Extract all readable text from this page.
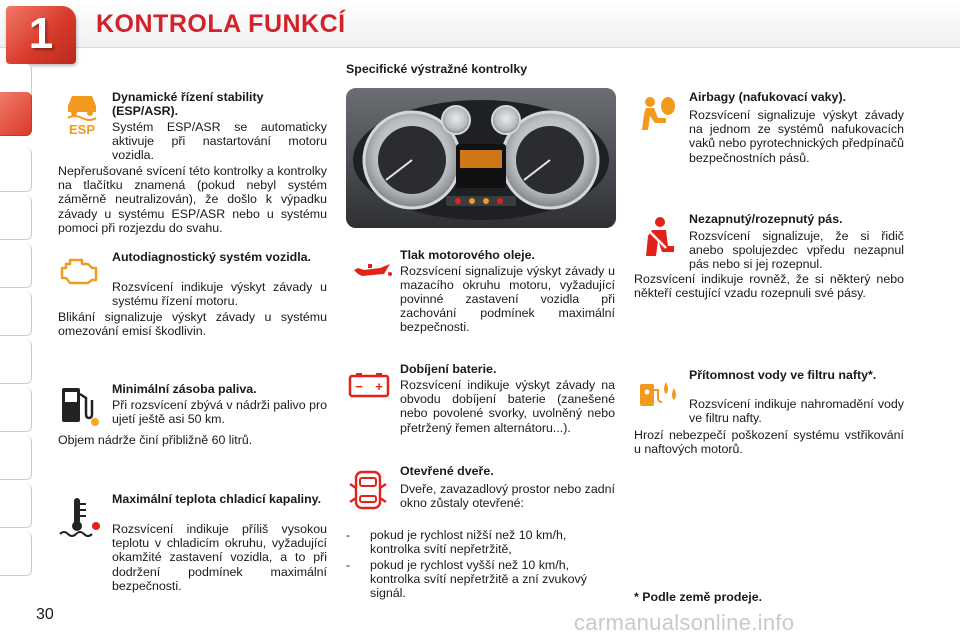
1	KONTROLA FUNKCÍ
ESP
Dynamické řízení stability (ESP/ASR).
Systém ESP/ASR se automaticky aktivuje při nastartování motoru vozidla.
Nepřerušované svícení této kontrolky a kontrolky na tlačítku znamená (pokud nebyl systém záměrně neutralizován), že došlo k výpadku závady u systému ESP/ASR nebo u systému pomoci při rozjezdu do svahu.
Autodiagnostický systém vozidla.
Rozsvícení indikuje výskyt závady u systému řízení motoru.
Blikání signalizuje výskyt závady u systému omezování emisí škodlivin.
Minimální zásoba paliva.
Při rozsvícení zbývá v nádrži palivo pro ujetí ještě asi 50 km.
Objem nádrže činí přibližně 60 litrů.
Maximální teplota chladicí kapaliny.
Rozsvícení indikuje příliš vysokou teplotu v chladicím okruhu, vyžadující okamžité zastavení vozidla, a to při dodržení podmínek maximální bezpečnosti.
Specifické výstražné kontrolky
Tlak motorového oleje.
Rozsvícení signalizuje výskyt závady u mazacího okruhu motoru, vyžadující povinné zastavení vozidla při zachování podmínek maximální bezpečnosti.
− +
Dobíjení baterie.
Rozsvícení indikuje výskyt závady na obvodu dobíjení baterie (zanešené nebo povolené svorky, uvolněný nebo přetržený řemen alternátoru...).
Otevřené dveře.
Dveře, zavazadlový prostor nebo zadní okno zůstaly otevřené:
- pokud je rychlost nižší než 10 km/h, kontrolka svítí nepřetržitě,
- pokud je rychlost vyšší než 10 km/h, kontrolka svítí nepřetržitě a zní zvukový signál.
Airbagy (nafukovací vaky).
Rozsvícení signalizuje výskyt závady na jednom ze systémů nafukovacích vaků nebo pyrotechnických předpínačů bezpečnostních pásů.
Nezapnutý/rozepnutý pás.
Rozsvícení signalizuje, že si řidič anebo spolujezdec vpředu nezapnul pás nebo si jej rozepnul.
Rozsvícení indikuje rovněž, že si některý nebo někteří cestující vzadu rozepnuli své pásy.
Přítomnost vody ve filtru nafty*.
Rozsvícení indikuje nahromadění vody ve filtru nafty.
Hrozí nebezpečí poškození systému vstřikování u naftových motorů.
* Podle země prodeje.
30	carmanualsonline.info
